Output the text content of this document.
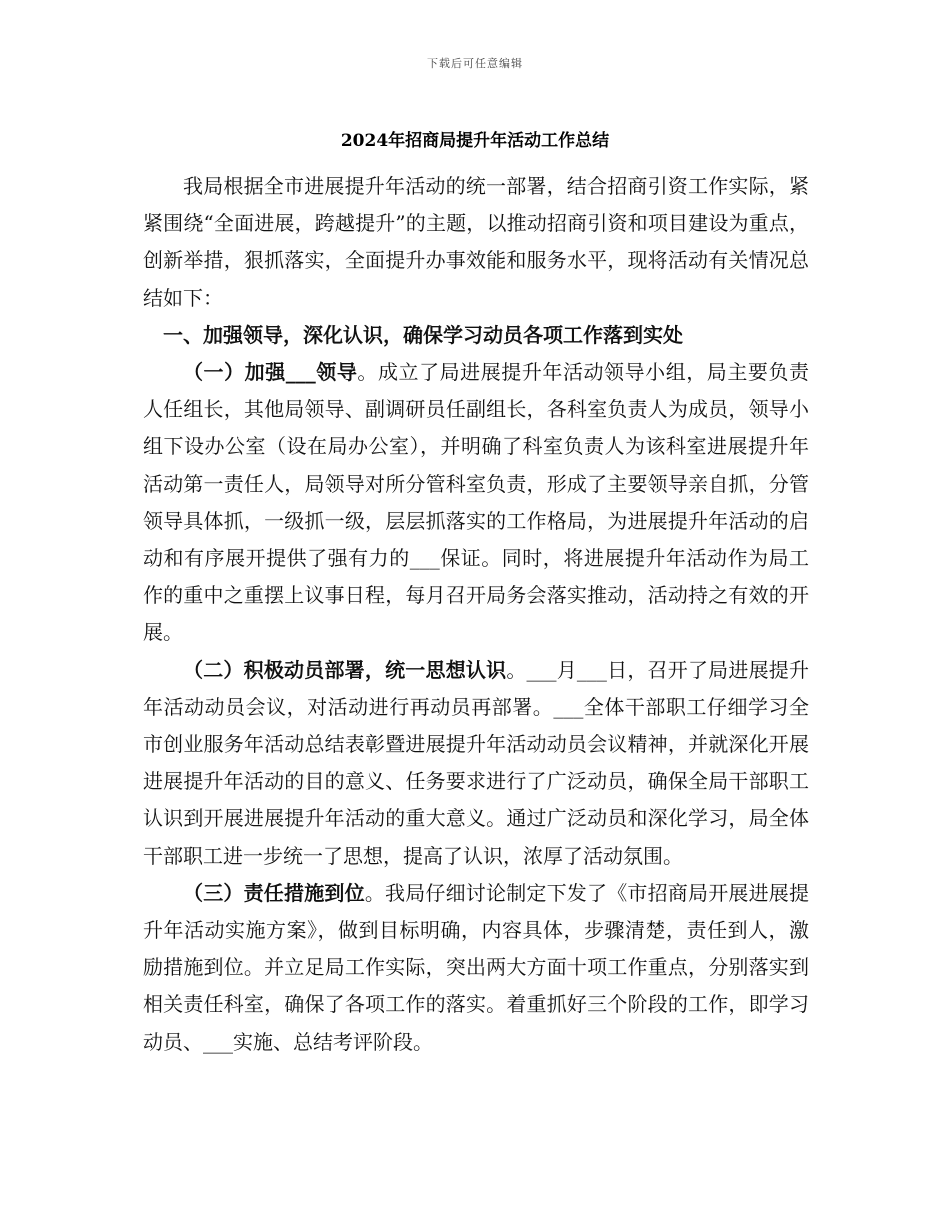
下载后可任意编辑
2024年招商局提升年活动工作总结

我局根据全市进展提升年活动的统一部署，结合招商引资工作实际，紧紧围绕“全面进展，跨越提升”的主题，以推动招商引资和项目建设为重点，创新举措，狠抓落实，全面提升办事效能和服务水平，现将活动有关情况总结如下：

一、加强领导，深化认识，确保学习动员各项工作落到实处

（一）加强___领导。成立了局进展提升年活动领导小组，局主要负责人任组长，其他局领导、副调研员任副组长，各科室负责人为成员，领导小组下设办公室（设在局办公室），并明确了科室负责人为该科室进展提升年活动第一责任人，局领导对所分管科室负责，形成了主要领导亲自抓，分管领导具体抓，一级抓一级，层层抓落实的工作格局，为进展提升年活动的启动和有序展开提供了强有力的___保证。同时，将进展提升年活动作为局工作的重中之重摆上议事日程，每月召开局务会落实推动，活动持之有效的开展。

（二）积极动员部署，统一思想认识。___月___日，召开了局进展提升年活动动员会议，对活动进行再动员再部署。___全体干部职工仔细学习全市创业服务年活动总结表彰暨进展提升年活动动员会议精神，并就深化开展进展提升年活动的目的意义、任务要求进行了广泛动员，确保全局干部职工认识到开展进展提升年活动的重大意义。通过广泛动员和深化学习，局全体干部职工进一步统一了思想，提高了认识，浓厚了活动氛围。

（三）责任措施到位。我局仔细讨论制定下发了《市招商局开展进展提升年活动实施方案》，做到目标明确，内容具体，步骤清楚，责任到人，激励措施到位。并立足局工作实际，突出两大方面十项工作重点，分别落实到相关责任科室，确保了各项工作的落实。着重抓好三个阶段的工作，即学习动员、___实施、总结考评阶段。
